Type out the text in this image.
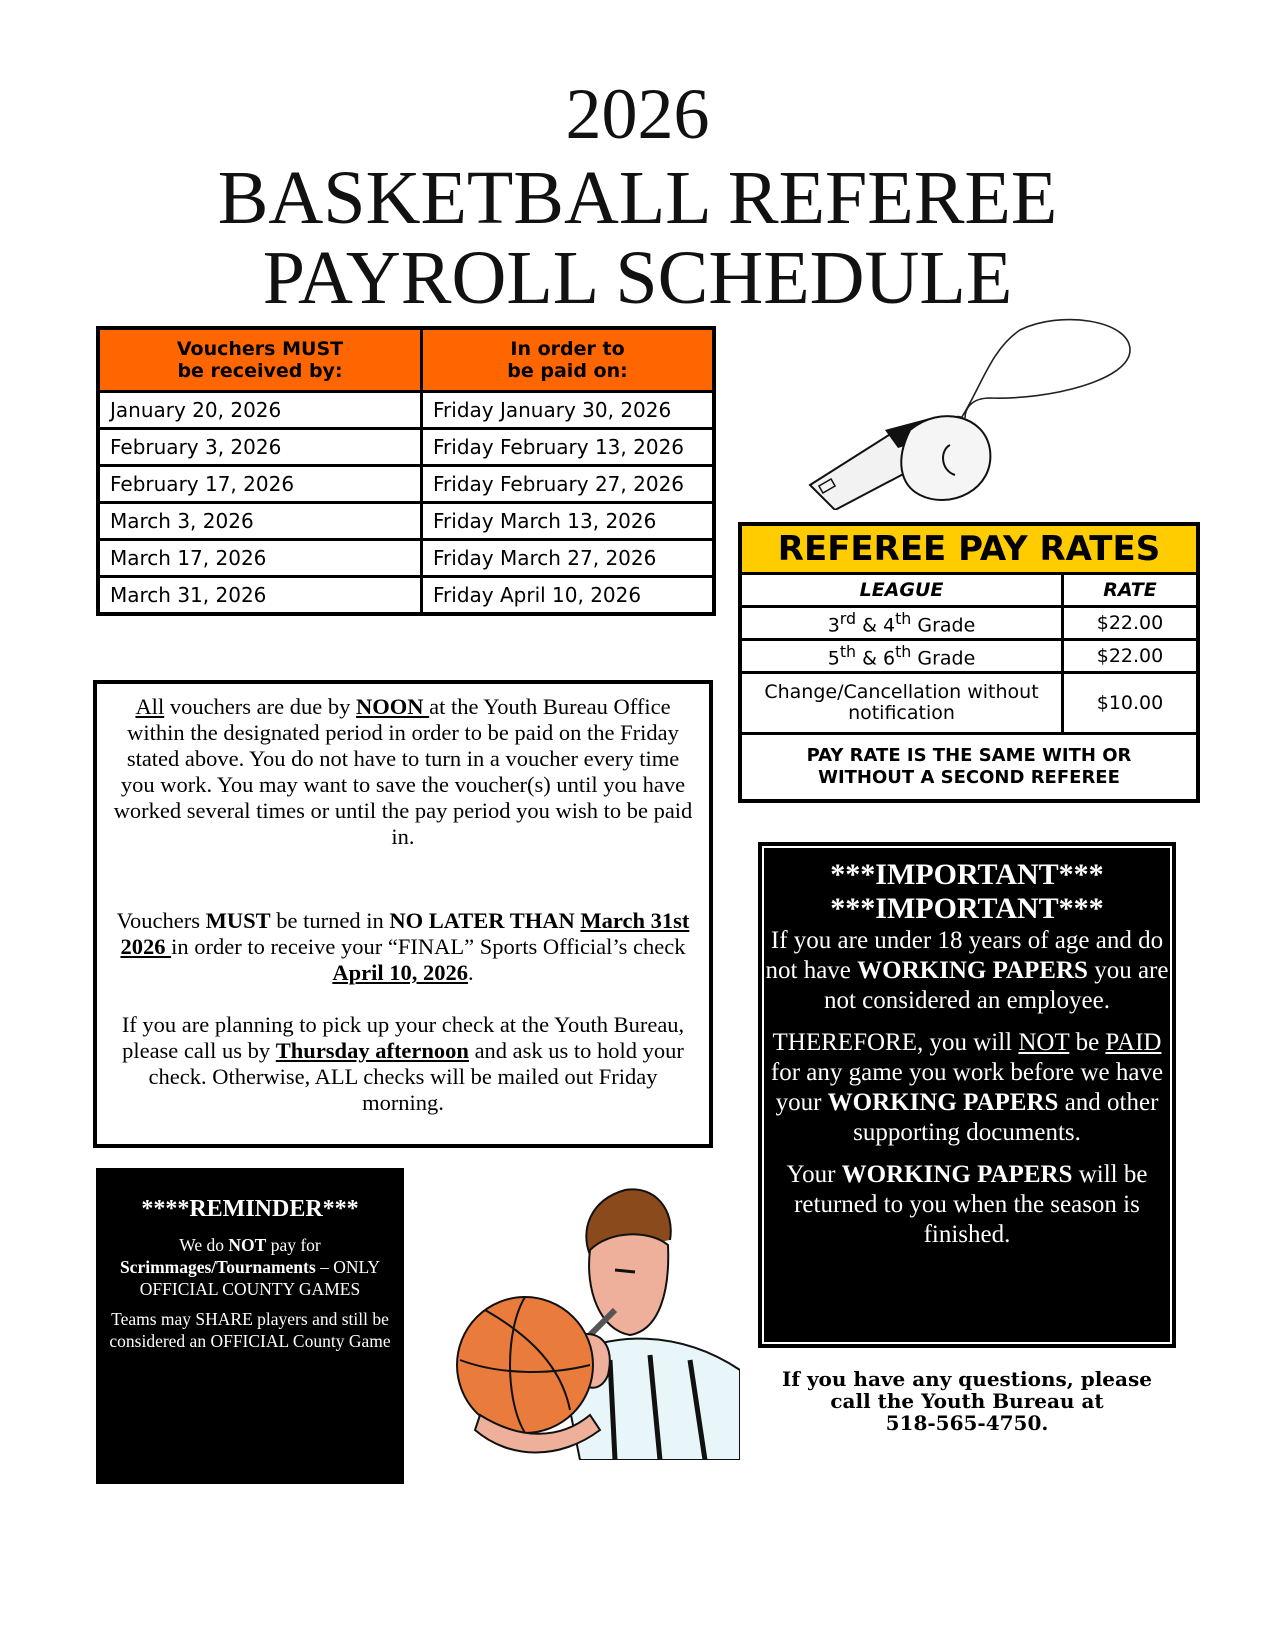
2026
BASKETBALL REFEREE
PAYROLL SCHEDULE
Vouchers MUST
be received by:	In order to
be paid on:
January 20, 2026	Friday January 30, 2026
February 3, 2026	Friday February 13, 2026
February 17, 2026	Friday February 27, 2026
March 3, 2026	Friday March 13, 2026
March 17, 2026	Friday March 27, 2026
March 31, 2026	Friday April 10, 2026
REFEREE PAY RATES
LEAGUE	RATE
3rd & 4th Grade	$22.00
5th & 6th Grade	$22.00
Change/Cancellation without
notification	$10.00
PAY RATE IS THE SAME WITH OR
WITHOUT A SECOND REFEREE

All vouchers are due by NOON at the Youth Bureau Office within the designated period in order to be paid on the Friday stated above. You do not have to turn in a voucher every time you work. You may want to save the voucher(s) until you have worked several times or until the pay period you wish to be paid in.

Vouchers MUST be turned in NO LATER THAN March 31st 2026 in order to receive your “FINAL” Sports Official’s check April 10, 2026.

If you are planning to pick up your check at the Youth Bureau, please call us by Thursday afternoon and ask us to hold your check. Otherwise, ALL checks will be mailed out Friday morning.

****REMINDER***

We do NOT pay for
Scrimmages/Tournaments – ONLY OFFICIAL COUNTY GAMES

Teams may SHARE players and still be considered an OFFICIAL County Game

***IMPORTANT***
***IMPORTANT***

If you are under 18 years of age and do not have WORKING PAPERS you are not considered an employee.

THEREFORE, you will NOT be PAID for any game you work before we have your WORKING PAPERS and other supporting documents.

Your WORKING PAPERS will be returned to you when the season is finished.

If you have any questions, please
call the Youth Bureau at
518-565-4750.
